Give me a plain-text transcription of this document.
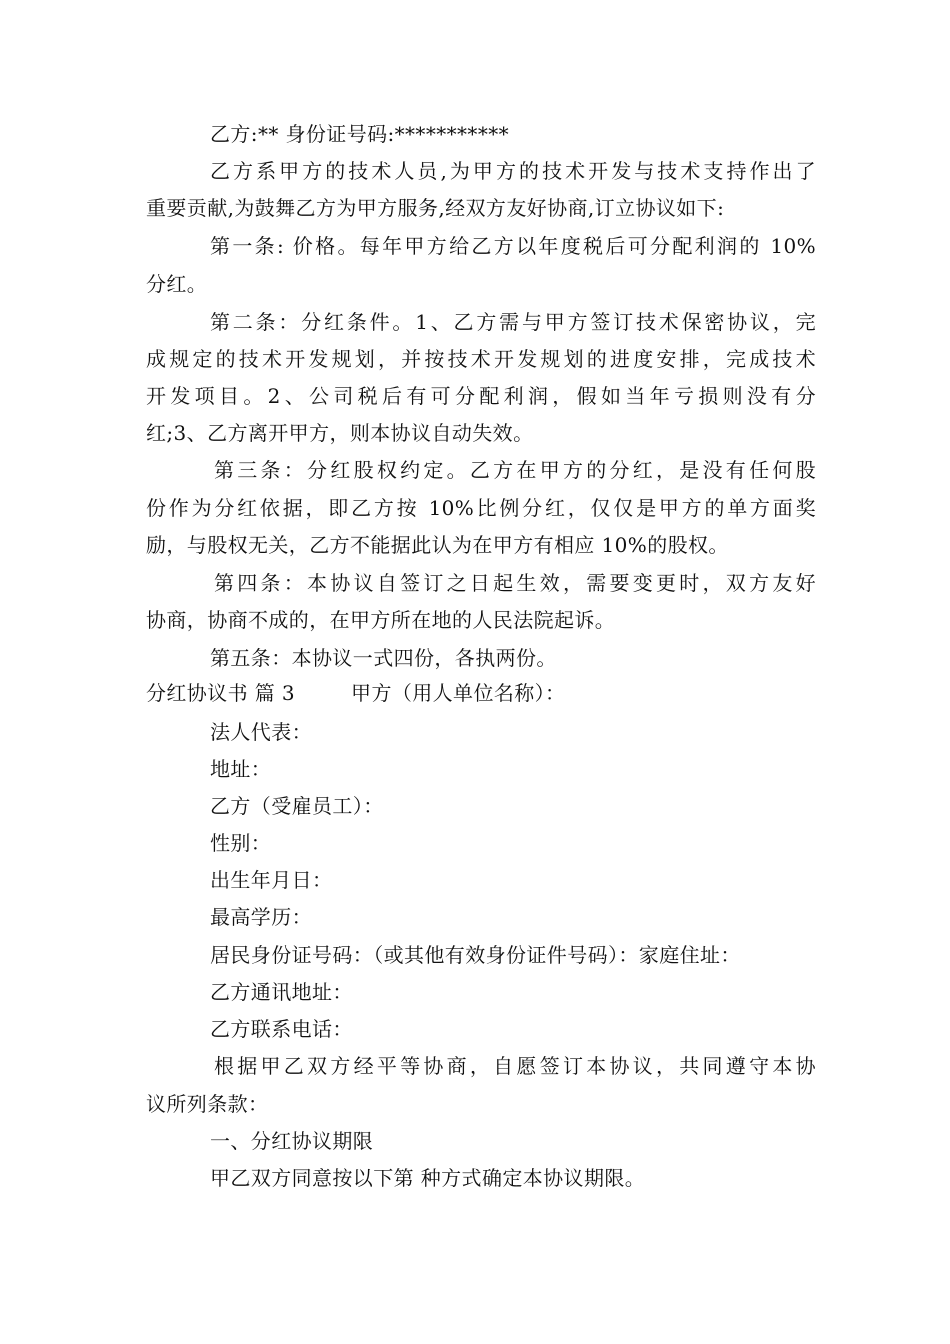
乙方:** 身份证号码:***********
乙方系甲方的技术人员,为甲方的技术开发与技术支持作出了
重要贡献,为鼓舞乙方为甲方服务,经双方友好协商,订立协议如下:
第一条: 价格。每年甲方给乙方以年度税后可分配利润的 10%
分红。
第二条：分红条件。1、乙方需与甲方签订技术保密协议，完
成规定的技术开发规划，并按技术开发规划的进度安排，完成技术
开发项目。2、公司税后有可分配利润，假如当年亏损则没有分
红;3、乙方离开甲方，则本协议自动失效。
第三条：分红股权约定。乙方在甲方的分红，是没有任何股
份作为分红依据，即乙方按 10%比例分红，仅仅是甲方的单方面奖
励，与股权无关，乙方不能据此认为在甲方有相应 10%的股权。
第四条：本协议自签订之日起生效，需要变更时，双方友好
协商，协商不成的，在甲方所在地的人民法院起诉。
第五条：本协议一式四份，各执两份。
分红协议书 篇 3	甲方（用人单位名称）：
法人代表：
地址：
乙方（受雇员工）：
性别：
出生年月日：
最高学历：
居民身份证号码：（或其他有效身份证件号码）：家庭住址：
乙方通讯地址：
乙方联系电话：
根据甲乙双方经平等协商，自愿签订本协议，共同遵守本协
议所列条款：
一、分红协议期限
甲乙双方同意按以下第 种方式确定本协议期限。
